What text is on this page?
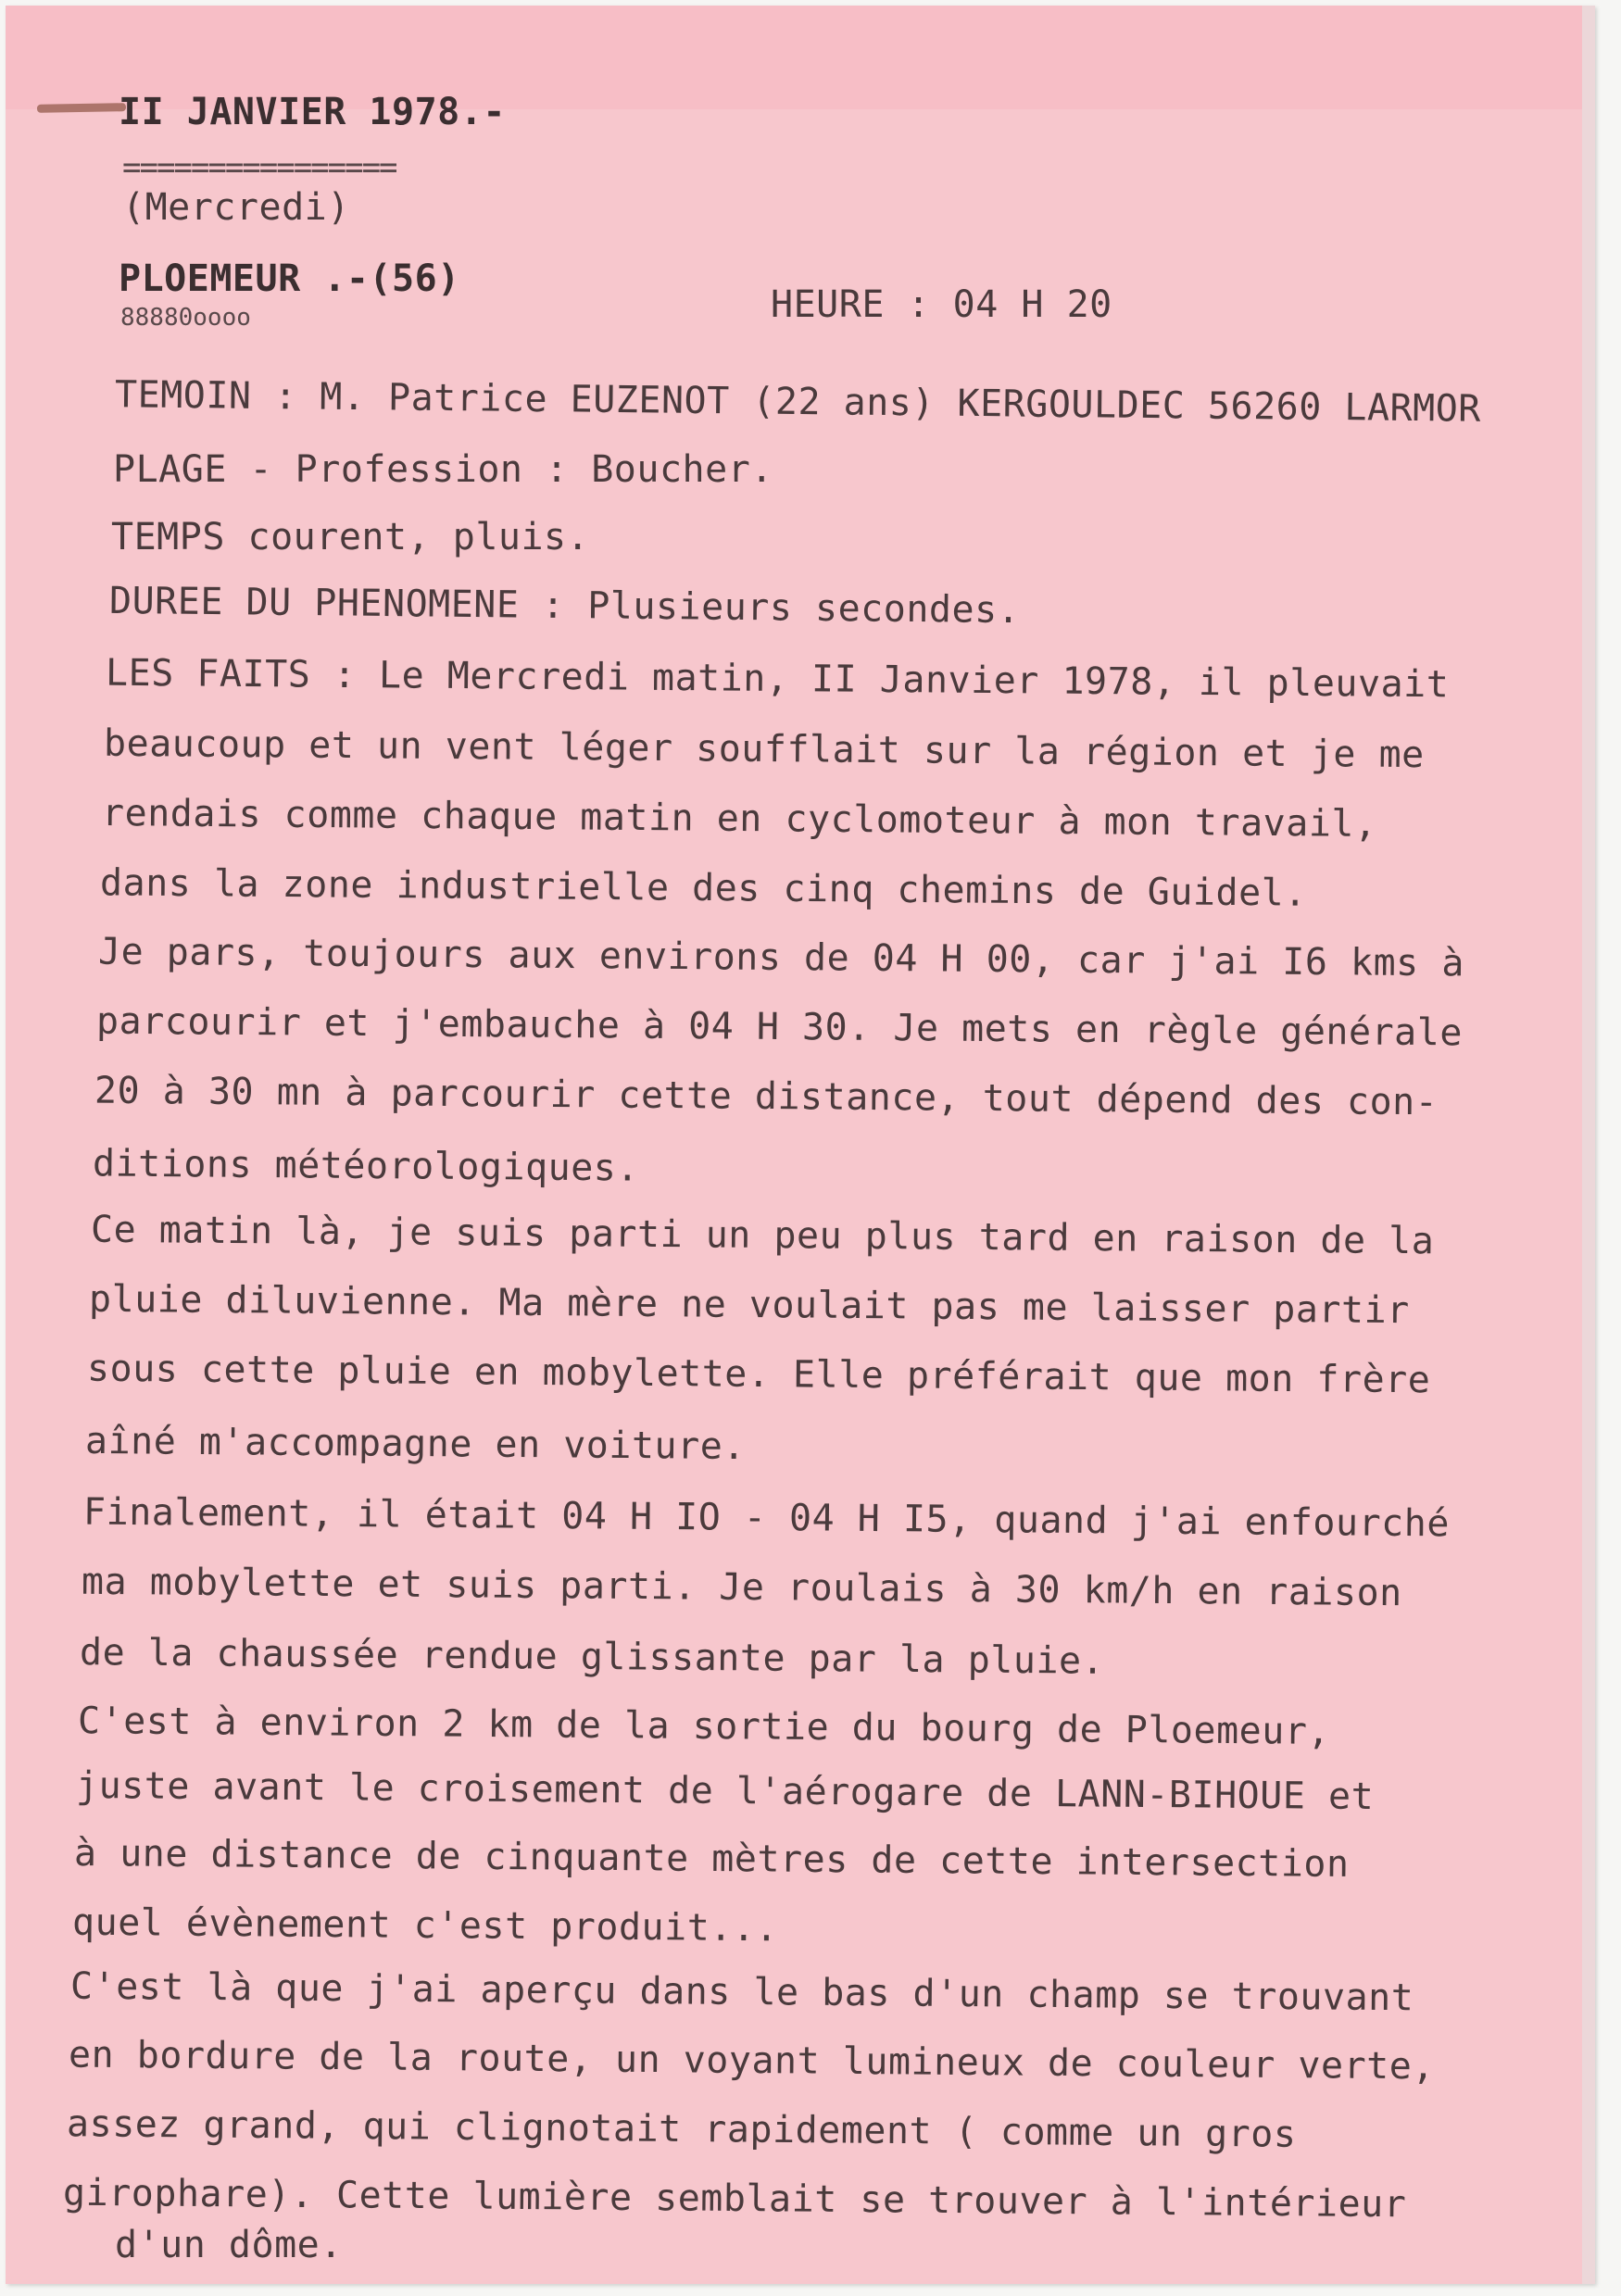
II JANVIER 1978.-
================
(Mercredi)
PLOEMEUR .-(56)
88880oooo	HEURE : 04 H 20
TEMOIN : M. Patrice EUZENOT (22 ans) KERGOULDEC 56260 LARMOR
PLAGE - Profession : Boucher.
TEMPS courent, pluis.
DUREE DU PHENOMENE : Plusieurs secondes.
LES FAITS : Le Mercredi matin, II Janvier 1978, il pleuvait
beaucoup et un vent léger soufflait sur la région et je me
rendais comme chaque matin en cyclomoteur à mon travail,
dans la zone industrielle des cinq chemins de Guidel.
Je pars, toujours aux environs de 04 H 00, car j'ai I6 kms à
parcourir et j'embauche à 04 H 30. Je mets en règle générale
20 à 30 mn à parcourir cette distance, tout dépend des con-
ditions météorologiques.
Ce matin là, je suis parti un peu plus tard en raison de la
pluie diluvienne. Ma mère ne voulait pas me laisser partir
sous cette pluie en mobylette. Elle préférait que mon frère
aîné m'accompagne en voiture.
Finalement, il était 04 H IO - 04 H I5, quand j'ai enfourché
ma mobylette et suis parti. Je roulais à 30 km/h en raison
de la chaussée rendue glissante par la pluie.
C'est à environ 2 km de la sortie du bourg de Ploemeur,
juste avant le croisement de l'aérogare de LANN-BIHOUE et
à une distance de cinquante mètres de cette intersection
quel évènement c'est produit...
C'est là que j'ai aperçu dans le bas d'un champ se trouvant
en bordure de la route, un voyant lumineux de couleur verte,
assez grand, qui clignotait rapidement ( comme un gros
girophare). Cette lumière semblait se trouver à l'intérieur
d'un dôme.
